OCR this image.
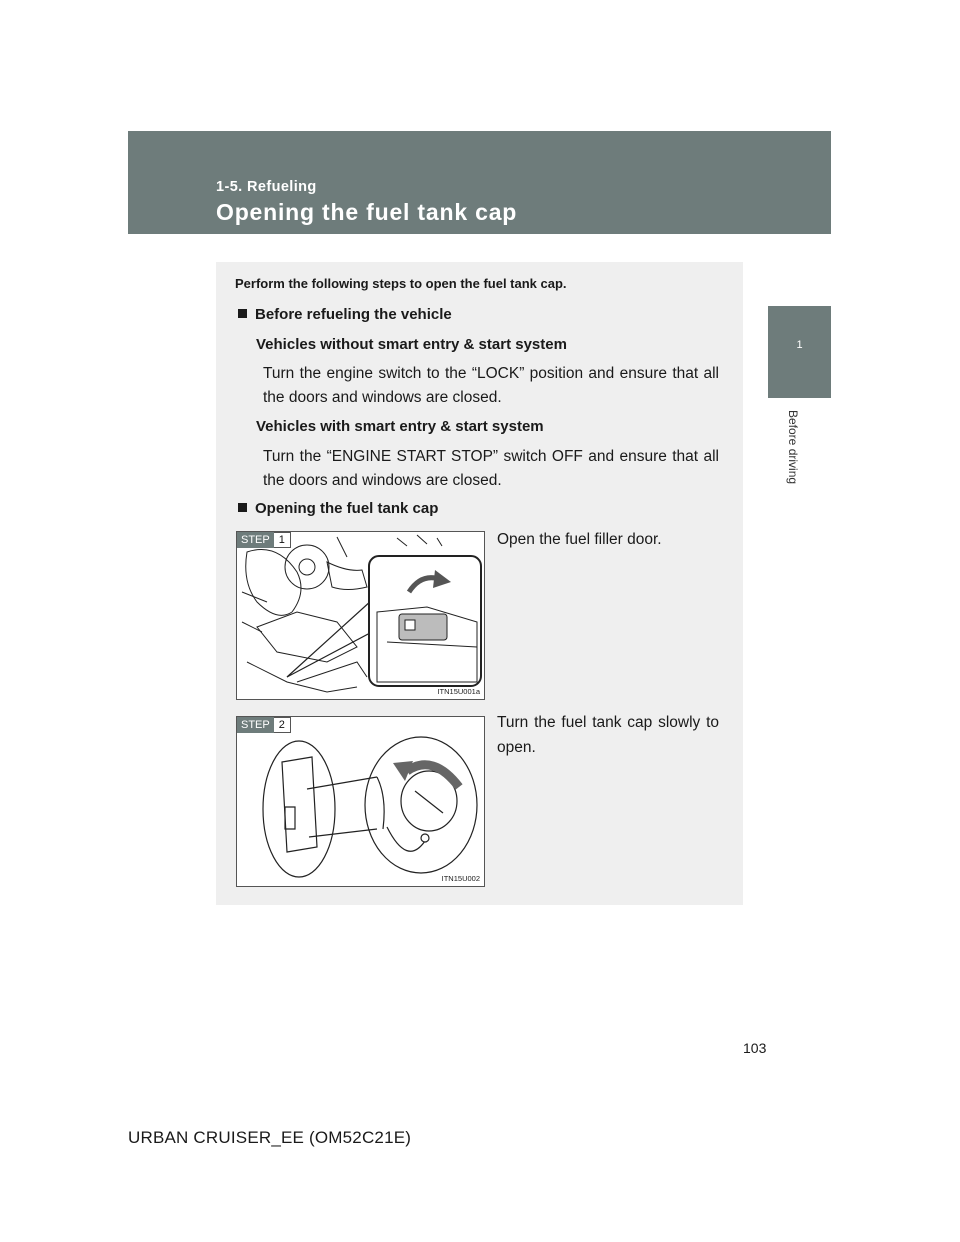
1-5. Refueling
Opening the fuel tank cap
1
Before driving
Perform the following steps to open the fuel tank cap.
Before refueling the vehicle
Vehicles without smart entry & start system
Turn the engine switch to the “LOCK” position and ensure that all the doors and windows are closed.
Vehicles with smart entry & start system
Turn the “ENGINE START STOP” switch OFF and ensure that all the doors and windows are closed.
Opening the fuel tank cap
STEP 1
ITN15U001a
Open the fuel filler door.
STEP 2
ITN15U002
Turn the fuel tank cap slowly to open.
103
URBAN CRUISER_EE (OM52C21E)
